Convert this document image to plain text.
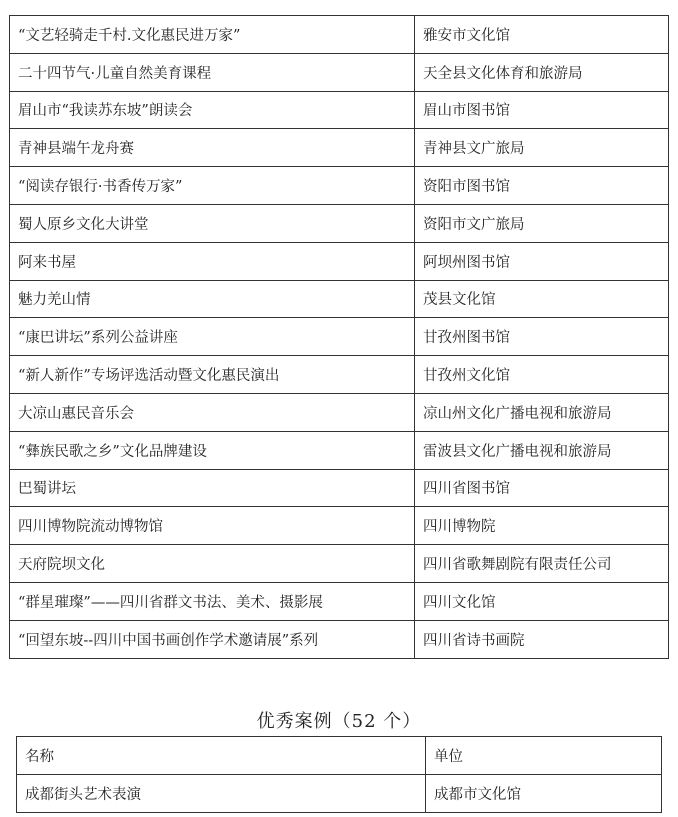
“文艺轻骑走千村.文化惠民进万家”	雅安市文化馆
二十四节气·儿童自然美育课程	天全县文化体育和旅游局
眉山市“我读苏东坡”朗读会	眉山市图书馆
青神县端午龙舟赛	青神县文广旅局
“阅读存银行·书香传万家”	资阳市图书馆
蜀人原乡文化大讲堂	资阳市文广旅局
阿来书屋	阿坝州图书馆
魅力羌山情	茂县文化馆
“康巴讲坛”系列公益讲座	甘孜州图书馆
“新人新作”专场评选活动暨文化惠民演出	甘孜州文化馆
大凉山惠民音乐会	凉山州文化广播电视和旅游局
“彝族民歌之乡”文化品牌建设	雷波县文化广播电视和旅游局
巴蜀讲坛	四川省图书馆
四川博物院流动博物馆	四川博物院
天府院坝文化	四川省歌舞剧院有限责任公司
“群星璀璨”——四川省群文书法、美术、摄影展	四川文化馆
“回望东坡--四川中国书画创作学术邀请展”系列	四川省诗书画院
优秀案例（52 个）
名称	单位
成都街头艺术表演	成都市文化馆
